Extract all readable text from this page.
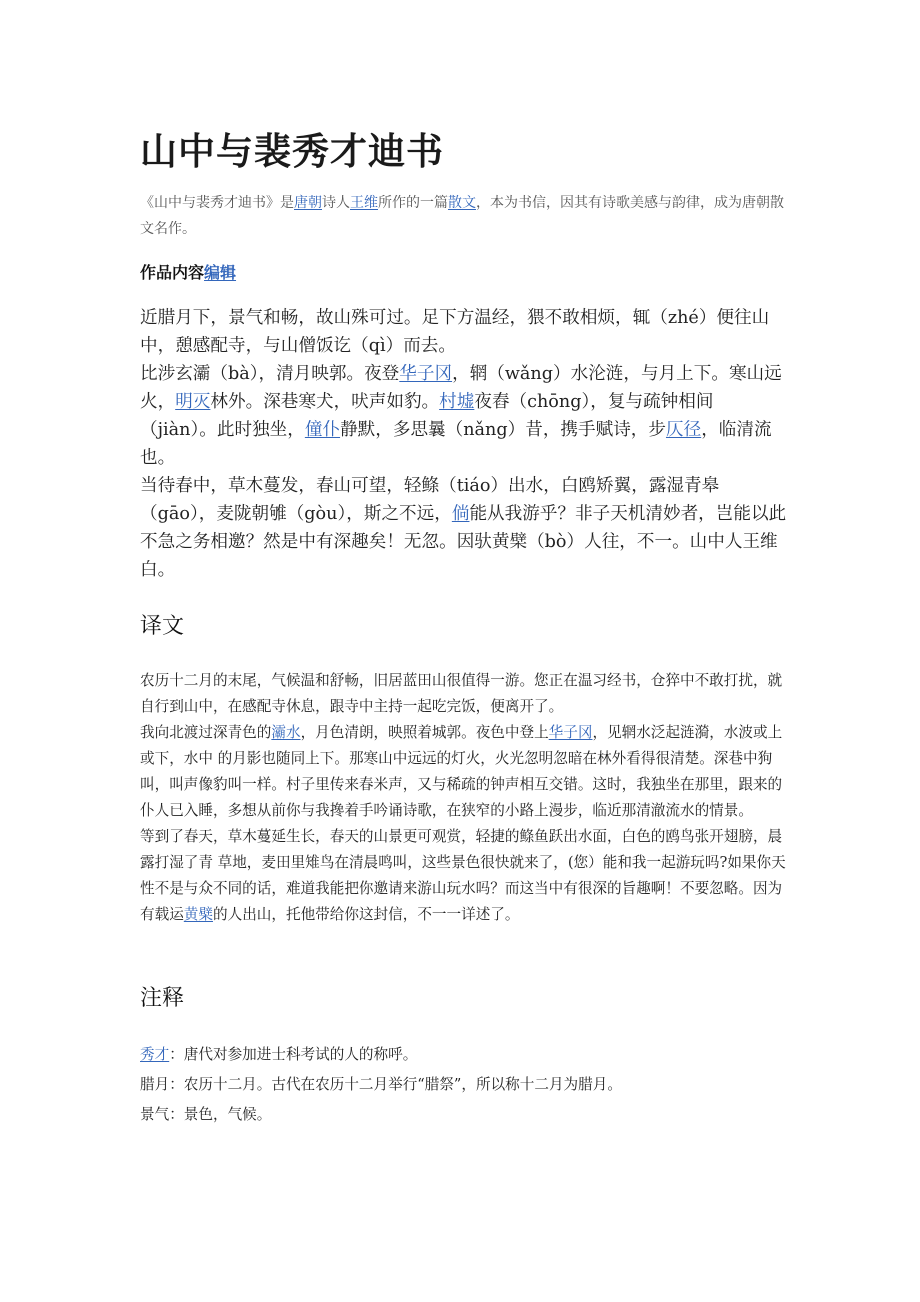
山中与裴秀才迪书
《山中与裴秀才迪书》是唐朝诗人王维所作的一篇散文，本为书信，因其有诗歌美感与韵律，成为唐朝散文名作。
作品内容编辑

近腊月下，景气和畅，故山殊可过。足下方温经，猥不敢相烦，辄（zhé）便往山中，憩感配寺，与山僧饭讫（qì）而去。

比涉玄灞（bà），清月映郭。夜登华子冈，辋（wǎng）水沦涟，与月上下。寒山远火，明灭林外。深巷寒犬，吠声如豹。村墟夜舂（chōng），复与疏钟相间（jiàn）。此时独坐，僮仆静默，多思曩（nǎng）昔，携手赋诗，步仄径，临清流也。

当待春中，草木蔓发，春山可望，轻鲦（tiáo）出水，白鸥矫翼，露湿青皋（gāo），麦陇朝雊（gòu），斯之不远，倘能从我游乎？非子天机清妙者，岂能以此不急之务相邀？然是中有深趣矣！无忽。因驮黄檗（bò）人往，不一。山中人王维白。

译文

农历十二月的末尾，气候温和舒畅，旧居蓝田山很值得一游。您正在温习经书，仓猝中不敢打扰，就自行到山中，在感配寺休息，跟寺中主持一起吃完饭，便离开了。

我向北渡过深青色的灞水，月色清朗，映照着城郭。夜色中登上华子冈，见辋水泛起涟漪，水波或上或下，水中 的月影也随同上下。那寒山中远远的灯火，火光忽明忽暗在林外看得很清楚。深巷中狗叫，叫声像豹叫一样。村子里传来春米声，又与稀疏的钟声相互交错。这时，我独坐在那里，跟来的仆人已入睡，多想从前你与我搀着手吟诵诗歌，在狭窄的小路上漫步，临近那清澈流水的情景。

等到了春天，草木蔓延生长，春天的山景更可观赏，轻捷的鲦鱼跃出水面，白色的鸥鸟张开翅膀，晨露打湿了青 草地，麦田里雉鸟在清晨鸣叫，这些景色很快就来了，(您）能和我一起游玩吗?如果你天性不是与众不同的话，难道我能把你邀请来游山玩水吗？而这当中有很深的旨趣啊！不要忽略。因为有载运黄檗的人出山，托他带给你这封信，不一一详述了。

注释

秀才：唐代对参加进士科考试的人的称呼。

腊月：农历十二月。古代在农历十二月举行“腊祭”，所以称十二月为腊月。

景气：景色，气候。
